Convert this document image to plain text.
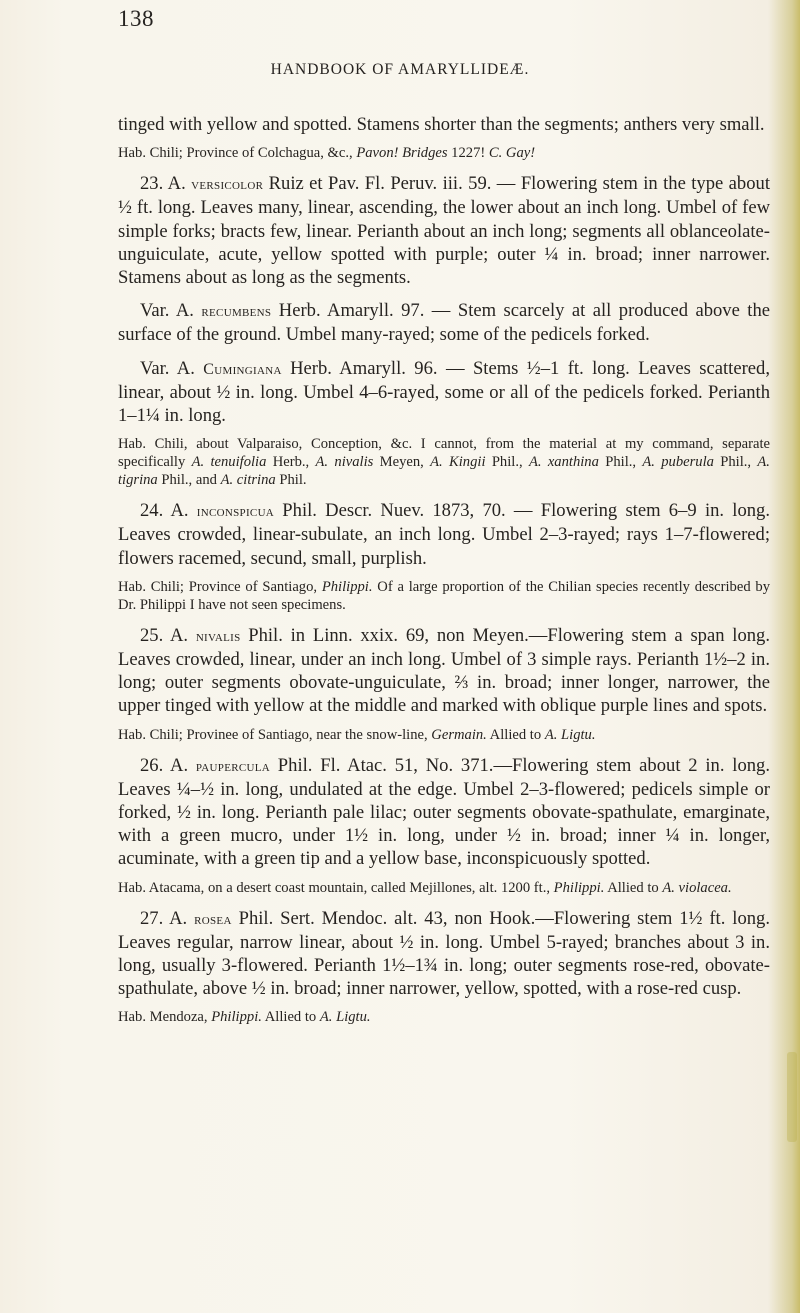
138
HANDBOOK OF AMARYLLIDEÆ.

tinged with yellow and spotted. Stamens shorter than the segments; anthers very small.

Hab. Chili; Province of Colchagua, &c., Pavon! Bridges 1227! C. Gay!

23. A. versicolor Ruiz et Pav. Fl. Peruv. iii. 59. — Flowering stem in the type about ½ ft. long. Leaves many, linear, ascending, the lower about an inch long. Umbel of few simple forks; bracts few, linear. Perianth about an inch long; segments all oblanceolate-unguiculate, acute, yellow spotted with purple; outer ¼ in. broad; inner narrower. Stamens about as long as the segments.

Var. A. recumbens Herb. Amaryll. 97. — Stem scarcely at all produced above the surface of the ground. Umbel many-rayed; some of the pedicels forked.

Var. A. Cumingiana Herb. Amaryll. 96. — Stems ½–1 ft. long. Leaves scattered, linear, about ½ in. long. Umbel 4–6-rayed, some or all of the pedicels forked. Perianth 1–1¼ in. long.

Hab. Chili, about Valparaiso, Conception, &c. I cannot, from the material at my command, separate specifically A. tenuifolia Herb., A. nivalis Meyen, A. Kingii Phil., A. xanthina Phil., A. puberula Phil., A. tigrina Phil., and A. citrina Phil.

24. A. inconspicua Phil. Descr. Nuev. 1873, 70. — Flowering stem 6–9 in. long. Leaves crowded, linear-subulate, an inch long. Umbel 2–3-rayed; rays 1–7-flowered; flowers racemed, secund, small, purplish.

Hab. Chili; Province of Santiago, Philippi. Of a large proportion of the Chilian species recently described by Dr. Philippi I have not seen specimens.

25. A. nivalis Phil. in Linn. xxix. 69, non Meyen.—Flowering stem a span long. Leaves crowded, linear, under an inch long. Umbel of 3 simple rays. Perianth 1½–2 in. long; outer segments obovate-unguiculate, ⅔ in. broad; inner longer, narrower, the upper tinged with yellow at the middle and marked with oblique purple lines and spots.

Hab. Chili; Provinee of Santiago, near the snow-line, Germain. Allied to A. Ligtu.

26. A. paupercula Phil. Fl. Atac. 51, No. 371.—Flowering stem about 2 in. long. Leaves ¼–½ in. long, undulated at the edge. Umbel 2–3-flowered; pedicels simple or forked, ½ in. long. Perianth pale lilac; outer segments obovate-spathulate, emarginate, with a green mucro, under 1½ in. long, under ½ in. broad; inner ¼ in. longer, acuminate, with a green tip and a yellow base, inconspicuously spotted.

Hab. Atacama, on a desert coast mountain, called Mejillones, alt. 1200 ft., Philippi. Allied to A. violacea.

27. A. rosea Phil. Sert. Mendoc. alt. 43, non Hook.—Flowering stem 1½ ft. long. Leaves regular, narrow linear, about ½ in. long. Umbel 5-rayed; branches about 3 in. long, usually 3-flowered. Perianth 1½–1¾ in. long; outer segments rose-red, obovate-spathulate, above ½ in. broad; inner narrower, yellow, spotted, with a rose-red cusp.

Hab. Mendoza, Philippi. Allied to A. Ligtu.
